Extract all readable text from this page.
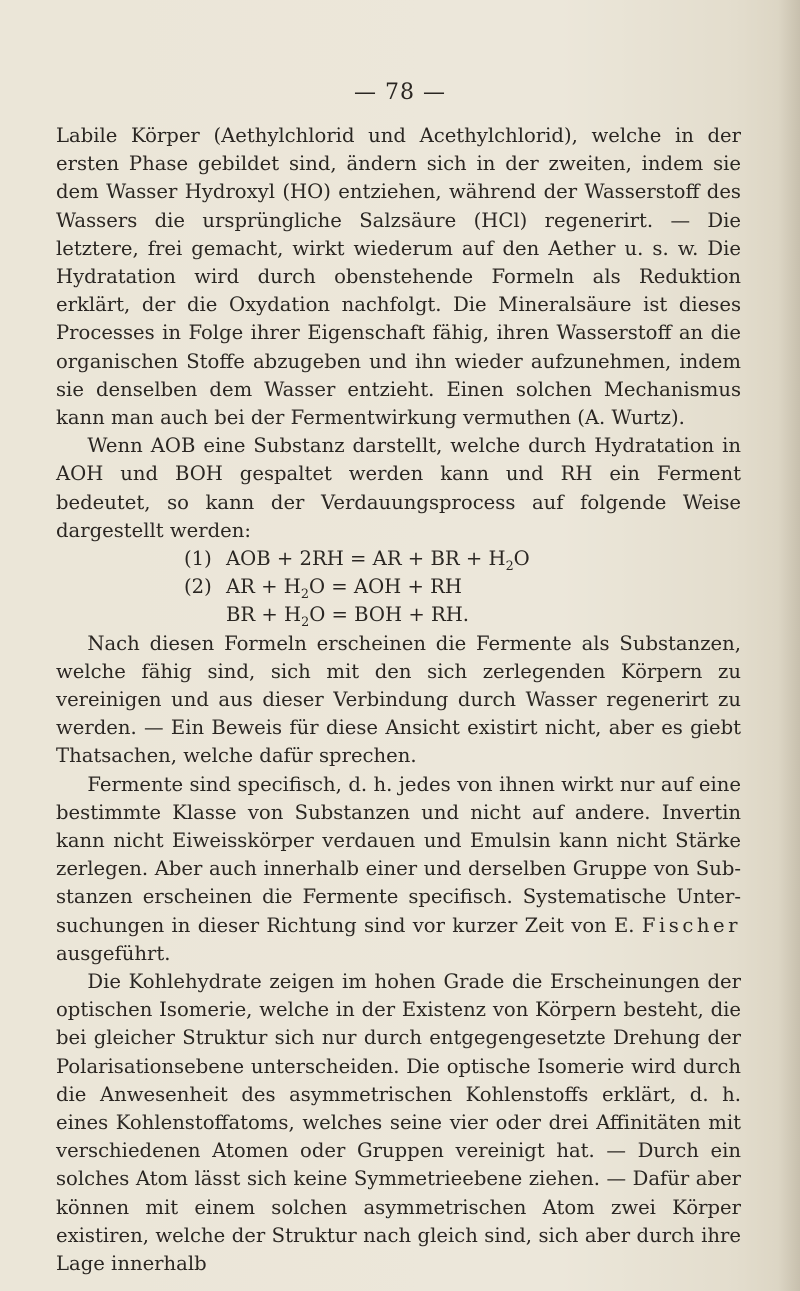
— 78 —

Labile Körper (Aethylchlorid und Acethylchlorid), welche in der ersten Phase gebildet sind, ändern sich in der zweiten, indem sie dem Wasser Hydroxyl (HO) entziehen, während der Wasserstoff des Wassers die ursprüngliche Salzsäure (HCl) regenerirt. — Die letztere, frei gemacht, wirkt wiederum auf den Aether u. s. w. Die Hydratation wird durch obenstehende Formeln als Reduktion erklärt, der die Oxydation nachfolgt. Die Mineralsäure ist dieses Processes in Folge ihrer Eigenschaft fähig, ihren Wasserstoff an die organischen Stoffe abzugeben und ihn wieder aufzunehmen, indem sie denselben dem Wasser entzieht. Einen solchen Mechanismus kann man auch bei der Fermentwirkung vermuthen (A. Wurtz).

Wenn AOB eine Substanz darstellt, welche durch Hydratation in AOH und BOH gespaltet werden kann und RH ein Ferment bedeutet, so kann der Verdauungsprocess auf folgende Weise dargestellt werden:

(1) AOB + 2RH = AR + BR + $H_2O$
(2) AR + $H_2O$ = AOH + RH
BR + $H_2O$ = BOH + RH.

Nach diesen Formeln erscheinen die Fermente als Substanzen, welche fähig sind, sich mit den sich zerlegenden Körpern zu vereinigen und aus dieser Verbindung durch Wasser regenerirt zu werden. — Ein Beweis für diese Ansicht existirt nicht, aber es giebt Thatsachen, welche dafür sprechen.

Fermente sind specifisch, d. h. jedes von ihnen wirkt nur auf eine bestimmte Klasse von Substanzen und nicht auf andere. Invertin kann nicht Eiweisskörper verdauen und Emulsin kann nicht Stärke zerlegen. Aber auch innerhalb einer und derselben Gruppe von Substanzen erscheinen die Fermente specifisch. Systematische Untersuchungen in dieser Richtung sind vor kurzer Zeit von E. Fischer ausgeführt.

Die Kohlehydrate zeigen im hohen Grade die Erscheinungen der optischen Isomerie, welche in der Existenz von Körpern besteht, die bei gleicher Struktur sich nur durch entgegengesetzte Drehung der Polarisationsebene unterscheiden. Die optische Isomerie wird durch die Anwesenheit des asymmetrischen Kohlenstoffs erklärt, d. h. eines Kohlenstoffatoms, welches seine vier oder drei Affinitäten mit verschiedenen Atomen oder Gruppen vereinigt hat. — Durch ein solches Atom lässt sich keine Symmetrieebene ziehen. — Dafür aber können mit einem solchen asymmetrischen Atom zwei Körper existiren, welche der Struktur nach gleich sind, sich aber durch ihre Lage innerhalb
